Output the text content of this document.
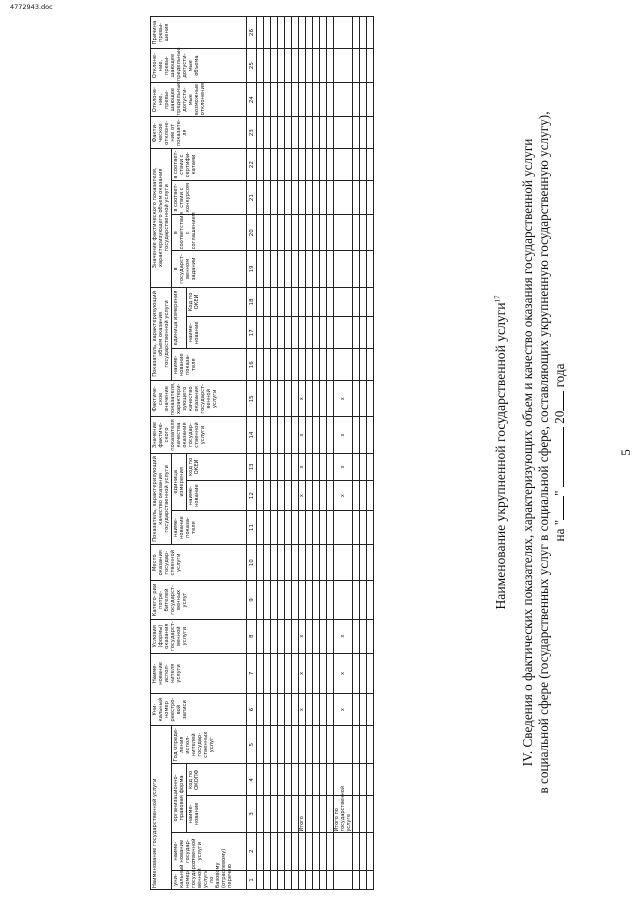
5
IV. Сведения о фактических показателях, характеризующих объем и качество оказания государственной услуги в социальной сфере (государственных услуг в социальной сфере, составляющих укрупненную государственную услугу), на ""  20 года
Наименование укрупненной государственной услуги$^{17}$
Наименование государственной услуги					Уни- кальный номер реестро- вой записи	Наиме- нование испол- нителя услуги	Условия (формы) оказания государст- венной услуги	Катего- рии потре- бителей государст- венных услуг	Место оказания государ- ственной услуги	Показатель, характеризующий качество оказания государственной услуги			Значение фактиче- ского показателя качества оказания государ- ственной услуги	Фактиче- ское значение показателя, характери- зующего качество оказания государст- венной услуги	Показатель, характеризующий объем оказания государственной услуги			Значение фактического показателя, характеризующего объем оказания государственной услуги				Факти- ческое отклоне- ние от показате- ля	Отклоне- ние, превы- шающее предельные допусти- мые возможные отклонения	Отклоне- ние, превы- шающее предельные допусти- мые объема	Причина превы- шения
уни- кальный номер государст- венной услуги по базовому (отраслевому) перечню	наиме- нование государ- ственной услуги	организационно-правовая форма		Год опреде- ления испол- нителей государ- ственных услуг						наиме- нование показа- теля	единица измерения				наиме- нование показа- теля	единица измерения		в государст- венном задании	в соответствии с соглашением	в соответ- ствии с конкурсом	в соответ- ствии с сертифи- катами				
		наиме- нование	код по ОКОПФ								наиме- нование	код по ОКЕИ				наиме- нование	Код по ОКЕИ								

1	2	3	4	5	6	7	8	9	10	11	12	13	14	15	16	17	18	19	20	21	22	23	24	25	26

		Итого			x	x	x				x	x	x	x											

		Итого по государственной услуге			x	x	x				x	x	x	x											

4772943.doc
